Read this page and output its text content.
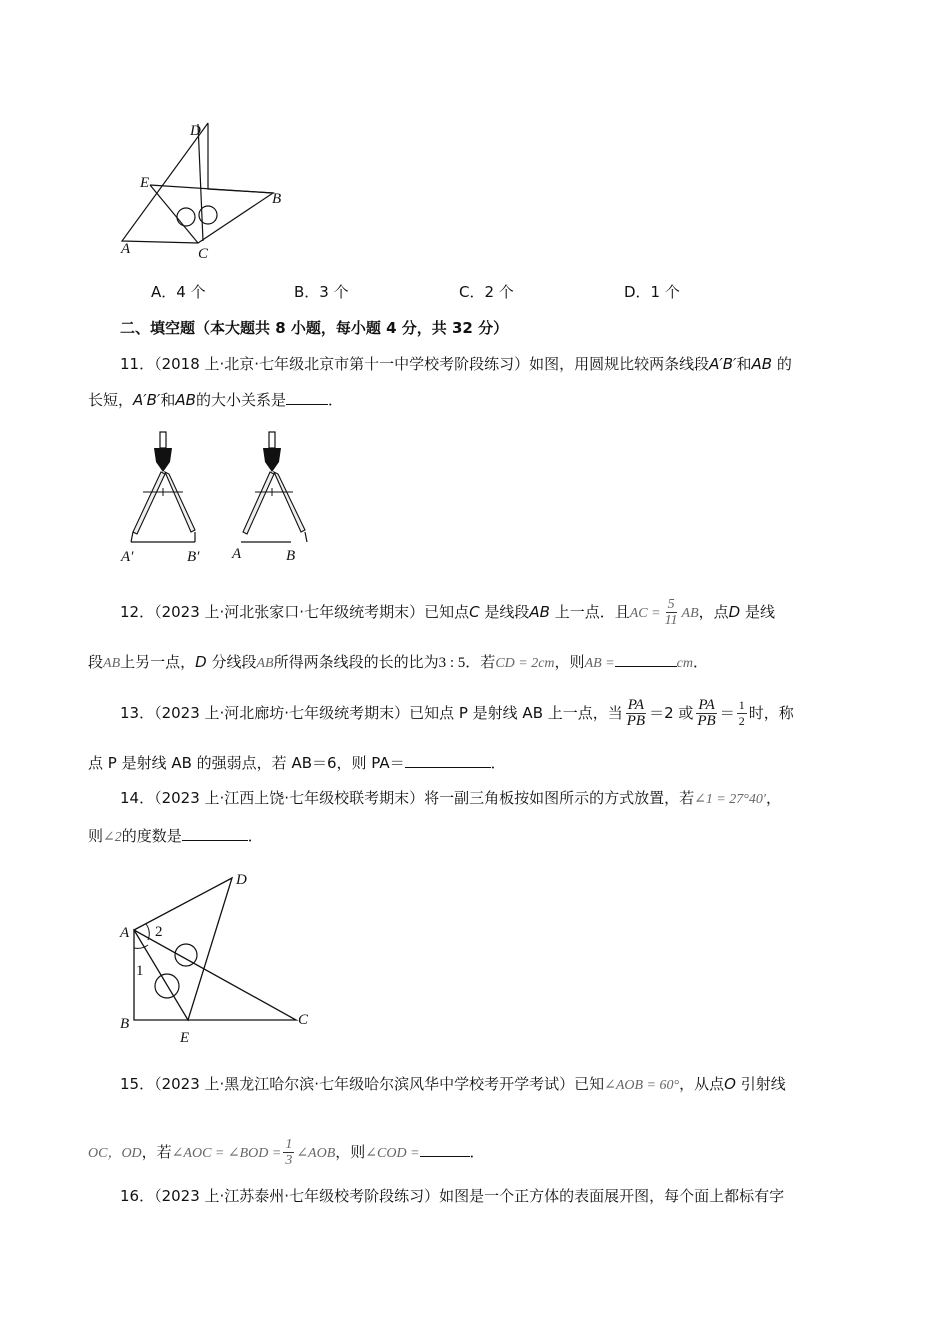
D
E
B
A	C
A．4 个	B．3 个	C．2 个	D．1 个
二、填空题（本大题共 8 小题，每小题 4 分，共 32 分）
11．（2018 上·北京·七年级北京市第十一中学校考阶段练习）如图，用圆规比较两条线段A′B′和AB 的
长短，A′B′和AB的大小关系是	．
A′	B′ A	B
12．（2023 上·河北张家口·七年级统考期末）已知点C 是线段AB 上一点．且AC = $\frac{5}{11}$ AB，点D 是线
段AB上另一点，D 分线段AB所得两条线段的长的比为3 : 5．若CD = 2cm，则AB =	cm．
13．（2023 上·河北廊坊·七年级统考期末）已知点 P 是射线 AB 上一点，当 $\frac{PA}{PB} =2$ 或 $\frac{PA}{PB} = \frac{1}{2}$ 时，称
点 P 是射线 AB 的强弱点，若 AB＝6，则 PA＝	．
14．（2023 上·江西上饶·七年级校联考期末）将一副三角板按如图所示的方式放置，若∠1 = 27°40′，
则∠2的度数是	．
D
A 2
1
B
E
C
15．（2023 上·黑龙江哈尔滨·七年级哈尔滨风华中学校考开学考试）已知∠AOB = 60°，从点O 引射线
OC，OD，若∠AOC = ∠BOD = $\frac{1}{3}$ ∠AOB，则∠COD =	．
16．（2023 上·江苏泰州·七年级校考阶段练习）如图是一个正方体的表面展开图，每个面上都标有字
